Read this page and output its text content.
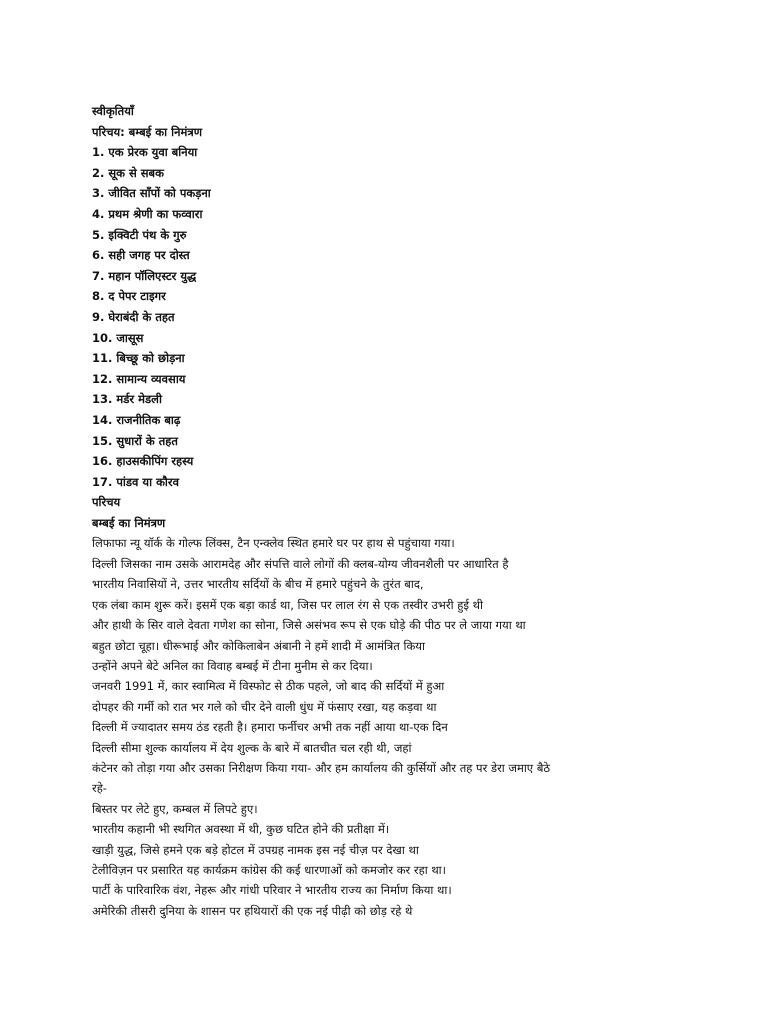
स्वीकृतियाँ
परिचय: बम्बई का निमंत्रण
1. एक प्रेरक युवा बनिया
2. सूक से सबक
3. जीवित साँपों को पकड़ना
4. प्रथम श्रेणी का फव्वारा
5. इक्विटी पंथ के गुरु
6. सही जगह पर दोस्त
7. महान पॉलिएस्टर युद्ध
8. द पेपर टाइगर
9. घेराबंदी के तहत
10. जासूस
11. बिच्छू को छोड़ना
12. सामान्य व्यवसाय
13. मर्डर मेडली
14. राजनीतिक बाढ़
15. सुधारों के तहत
16. हाउसकीपिंग रहस्य
17. पांडव या कौरव
परिचय
बम्बई का निमंत्रण
लिफाफा न्यू यॉर्क के गोल्फ लिंक्स, टैन एन्क्लेव स्थित हमारे घर पर हाथ से पहुंचाया गया।
दिल्ली जिसका नाम उसके आरामदेह और संपत्ति वाले लोगों की क्लब-योग्य जीवनशैली पर आधारित है
भारतीय निवासियों ने, उत्तर भारतीय सर्दियों के बीच में हमारे पहुंचने के तुरंत बाद,
एक लंबा काम शुरू करें। इसमें एक बड़ा कार्ड था, जिस पर लाल रंग से एक तस्वीर उभरी हुई थी
और हाथी के सिर वाले देवता गणेश का सोना, जिसे असंभव रूप से एक घोड़े की पीठ पर ले जाया गया था
बहुत छोटा चूहा। धीरूभाई और कोकिलाबेन अंबानी ने हमें शादी में आमंत्रित किया
उन्होंने अपने बेटे अनिल का विवाह बम्बई में टीना मुनीम से कर दिया।
जनवरी 1991 में, कार स्वामित्व में विस्फोट से ठीक पहले, जो बाद की सर्दियों में हुआ
दोपहर की गर्मी को रात भर गले को चीर देने वाली धुंध में फंसाए रखा, यह कड़वा था
दिल्ली में ज्यादातर समय ठंड रहती है। हमारा फर्नीचर अभी तक नहीं आया था-एक दिन
दिल्ली सीमा शुल्क कार्यालय में देय शुल्क के बारे में बातचीत चल रही थी, जहां
कंटेनर को तोड़ा गया और उसका निरीक्षण किया गया- और हम कार्यालय की कुर्सियों और तह पर डेरा जमाए बैठे
रहे-
बिस्तर पर लेटे हुए, कम्बल में लिपटे हुए।
भारतीय कहानी भी स्थगित अवस्था में थी, कुछ घटित होने की प्रतीक्षा में।
खाड़ी युद्ध, जिसे हमने एक बड़े होटल में उपग्रह नामक इस नई चीज़ पर देखा था
टेलीविज़न पर प्रसारित यह कार्यक्रम कांग्रेस की कई धारणाओं को कमजोर कर रहा था।
पार्टी के पारिवारिक वंश, नेहरू और गांधी परिवार ने भारतीय राज्य का निर्माण किया था।
अमेरिकी तीसरी दुनिया के शासन पर हथियारों की एक नई पीढ़ी को छोड़ रहे थे
